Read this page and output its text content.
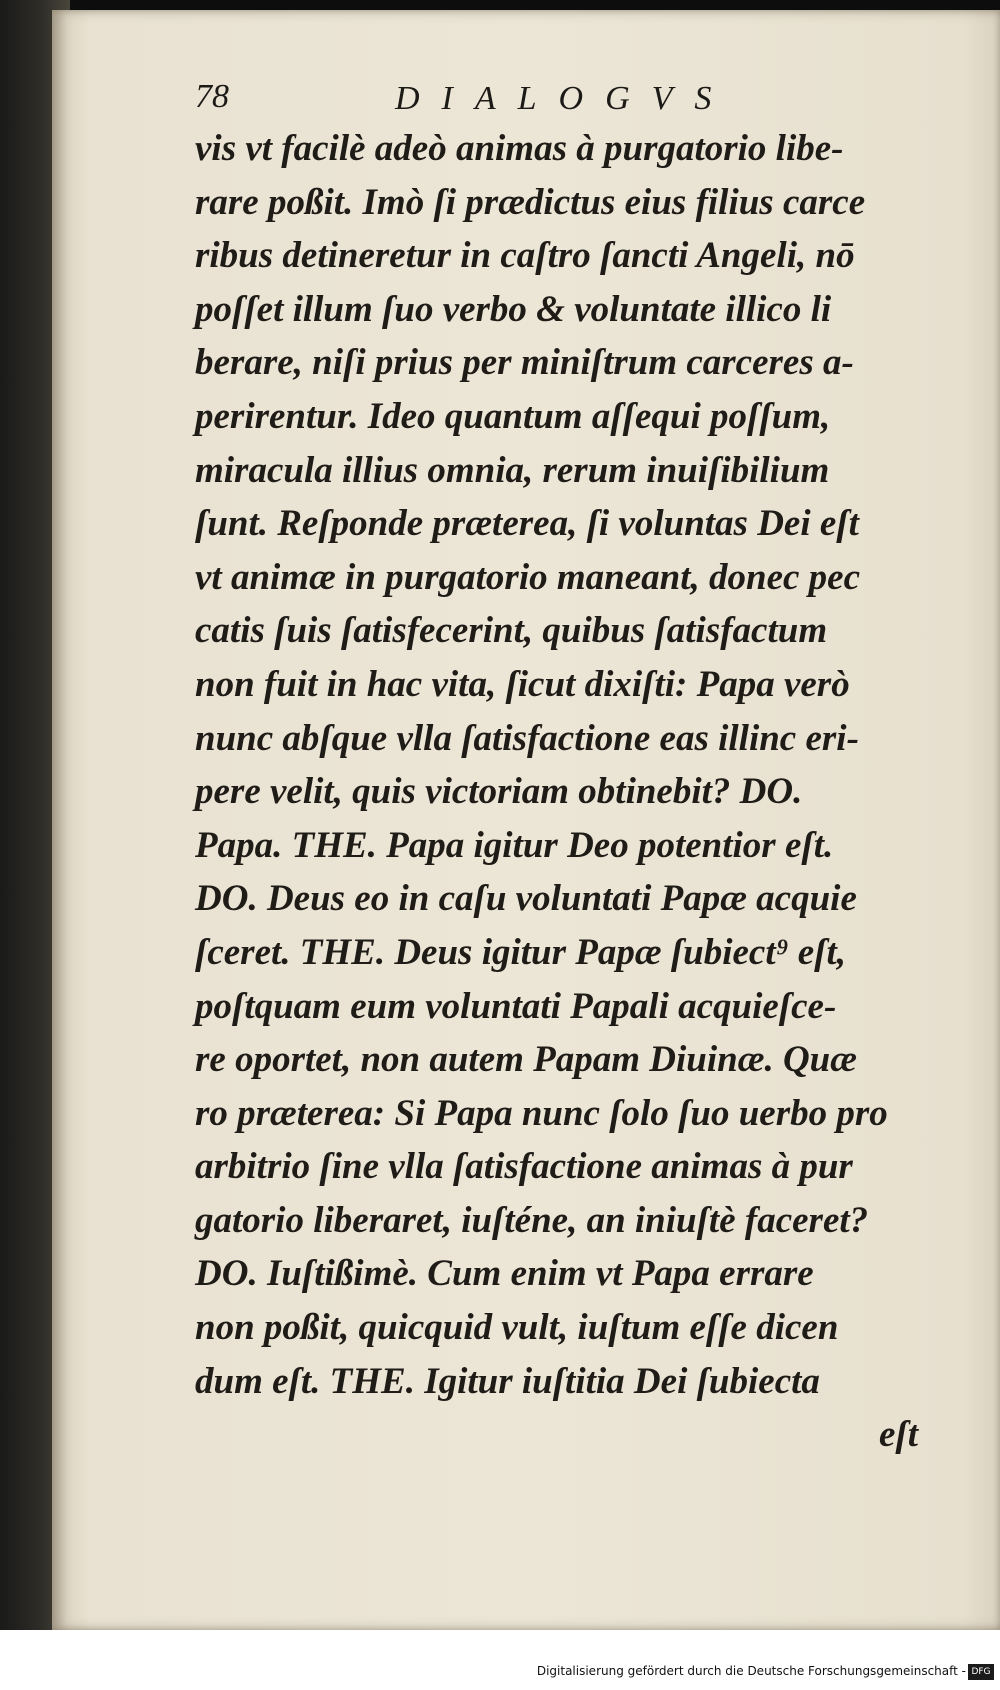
78	DIALOGVS
vis vt facilè adeò animas à purgatorio libe-
rare poßit. Imò ſi prædictus eius filius carce
ribus detineretur in caſtro ſancti Angeli, nō
poſſet illum ſuo verbo & voluntate illico li
berare, niſi prius per miniſtrum carceres a-
perirentur. Ideo quantum aſſequi poſſum,
miracula illius omnia, rerum inuiſibilium
ſunt. Reſponde præterea, ſi voluntas Dei eſt
vt animæ in purgatorio maneant, donec pec
catis ſuis ſatisfecerint, quibus ſatisfactum
non fuit in hac vita, ſicut dixiſti: Papa verò
nunc abſque vlla ſatisfactione eas illinc eri-
pere velit, quis victoriam obtinebit? DO.
Papa. THE. Papa igitur Deo potentior eſt.
DO. Deus eo in caſu voluntati Papæ acquie
ſceret. THE. Deus igitur Papæ ſubiect⁹ eſt,
poſtquam eum voluntati Papali acquieſce-
re oportet, non autem Papam Diuinæ. Quæ
ro præterea: Si Papa nunc ſolo ſuo uerbo pro
arbitrio ſine vlla ſatisfactione animas à pur
gatorio liberaret, iuſténe, an iniuſtè faceret?
DO. Iuſtißimè. Cum enim vt Papa errare
non poßit, quicquid vult, iuſtum eſſe dicen
dum eſt. THE. Igitur iuſtitia Dei ſubiecta
eſt
Digitalisierung gefördert durch die Deutsche Forschungsgemeinschaft - DFG
